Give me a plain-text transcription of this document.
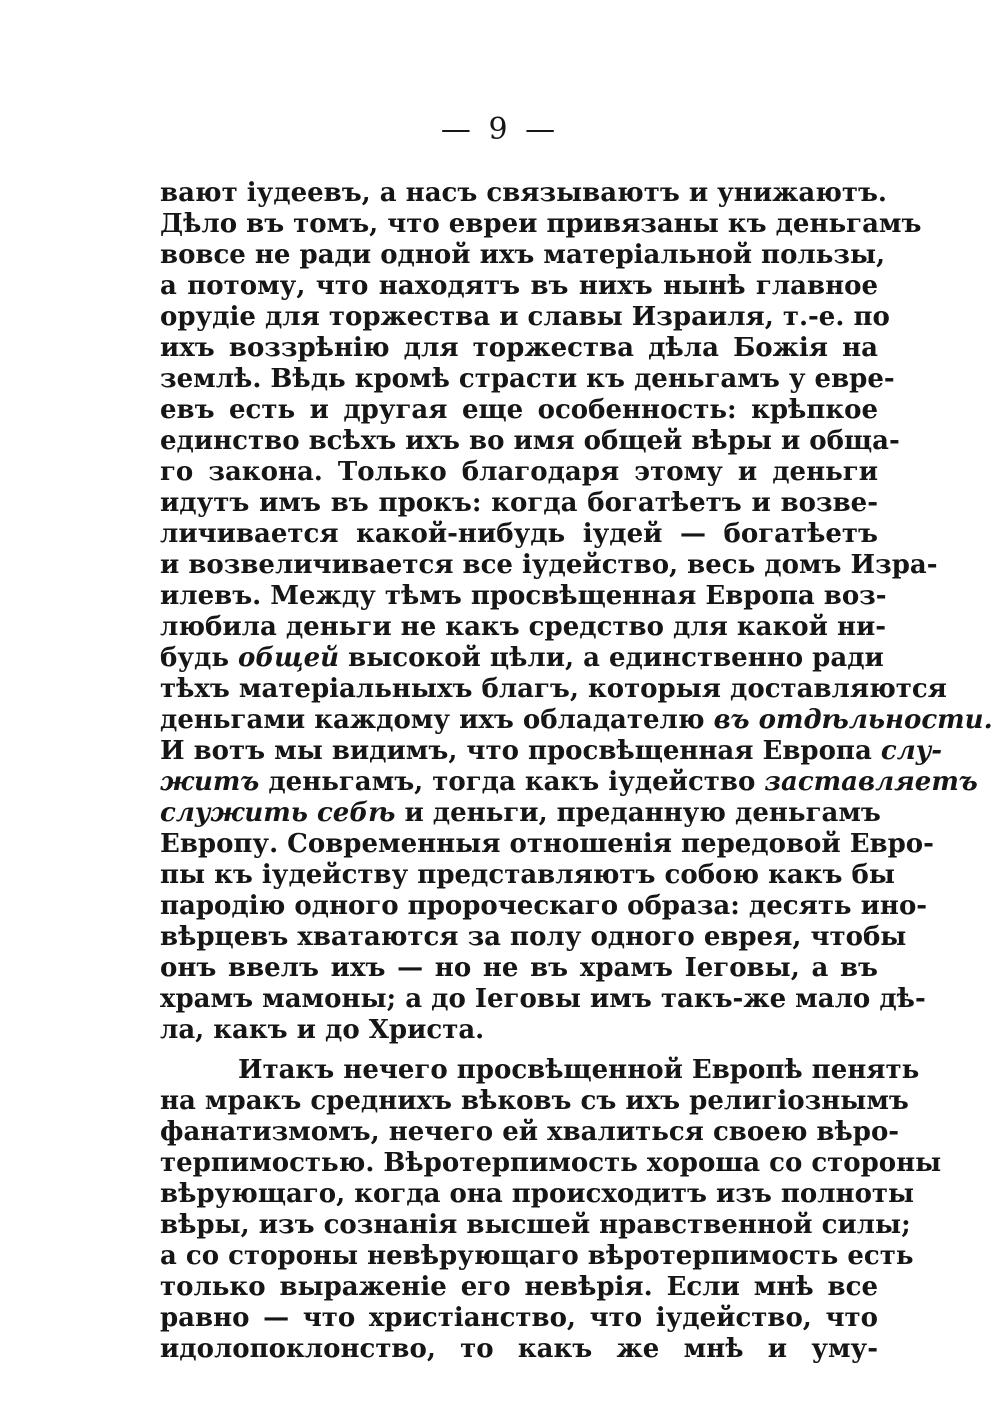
— 9 —
вают іудеевъ, а насъ связываютъ и унижаютъ.
Дѣло въ томъ, что евреи привязаны къ деньгамъ
вовсе не ради одной ихъ матеріальной пользы,
а потому, что находятъ въ нихъ нынѣ главное
орудіе для торжества и славы Израиля, т.-е. по
ихъ воззрѣнію для торжества дѣла Божія на
землѣ. Вѣдь кромѣ страсти къ деньгамъ у евре-
евъ есть и другая еще особенность: крѣпкое
единство всѣхъ ихъ во имя общей вѣры и обща-
го закона. Только благодаря этому и деньги
идутъ имъ въ прокъ: когда богатѣетъ и возве-
личивается какой-нибудь іудей — богатѣетъ
и возвеличивается все іудейство, весь домъ Изра-
илевъ. Между тѣмъ просвѣщенная Европа воз-
любила деньги не какъ средство для какой ни-
будь общей высокой цѣли, а единственно ради
тѣхъ матеріальныхъ благъ, которыя доставляются
деньгами каждому ихъ обладателю въ отдѣльности.
И вотъ мы видимъ, что просвѣщенная Европа слу-
житъ деньгамъ, тогда какъ іудейство заставляетъ
служить себѣ и деньги, преданную деньгамъ
Европу. Современныя отношенія передовой Евро-
пы къ іудейству представляютъ собою какъ бы
пародію одного пророческаго образа: десять ино-
вѣрцевъ хватаются за полу одного еврея, чтобы
онъ ввелъ ихъ — но не въ храмъ Іеговы, а въ
храмъ мамоны; а до Іеговы имъ такъ-же мало дѣ-
ла, какъ и до Христа.
Итакъ нечего просвѣщенной Европѣ пенять
на мракъ среднихъ вѣковъ съ ихъ религіознымъ
фанатизмомъ, нечего ей хвалиться своею вѣро-
терпимостью. Вѣротерпимость хороша со стороны
вѣрующаго, когда она происходитъ изъ полноты
вѣры, изъ сознанія высшей нравственной силы;
а со стороны невѣрующаго вѣротерпимость есть
только выраженіе его невѣрія. Если мнѣ все
равно — что христіанство, что іудейство, что
идолопоклонство, то какъ же мнѣ и уму-
